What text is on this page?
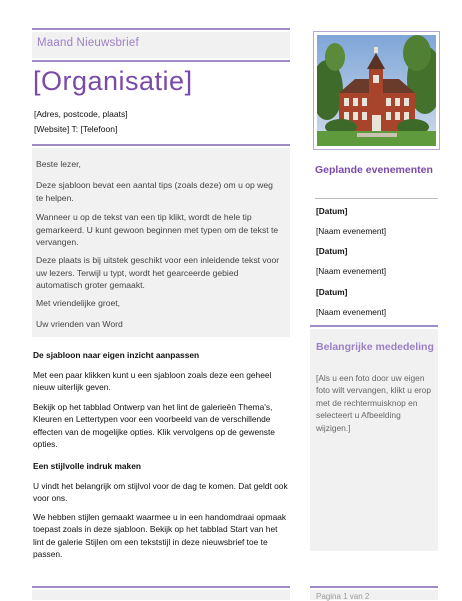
Maand Nieuwsbrief
[Organisatie]
[Adres, postcode, plaats]
[Website] T: [Telefoon]

Beste lezer,

Deze sjabloon bevat een aantal tips (zoals deze) om u op weg te helpen.

Wanneer u op de tekst van een tip klikt, wordt de hele tip gemarkeerd. U kunt gewoon beginnen met typen om de tekst te vervangen.

Deze plaats is bij uitstek geschikt voor een inleidende tekst voor uw lezers. Terwijl u typt, wordt het gearceerde gebied automatisch groter gemaakt.

Met vriendelijke groet,

Uw vrienden van Word

De sjabloon naar eigen inzicht aanpassen

Met een paar klikken kunt u een sjabloon zoals deze een geheel nieuw uiterlijk geven.

Bekijk op het tabblad Ontwerp van het lint de galerieën Thema's, Kleuren en Lettertypen voor een voorbeeld van de verschillende effecten van de mogelijke opties. Klik vervolgens op de gewenste opties.

Een stijlvolle indruk maken

U vindt het belangrijk om stijlvol voor de dag te komen. Dat geldt ook voor ons.

We hebben stijlen gemaakt waarmee u in een handomdraai opmaak toepast zoals in deze sjabloon. Bekijk op het tabblad Start van het lint de galerie Stijlen om een tekststijl in deze nieuwsbrief toe te passen.

Geplande evenementen

[Datum]
[Naam evenement]
[Datum]
[Naam evenement]
[Datum]
[Naam evenement]

Belangrijke mededeling

[Als u een foto door uw eigen foto wilt vervangen, klikt u erop met de rechtermuisknop en selecteert u Afbeelding wijzigen.]

Pagina 1 van 2
